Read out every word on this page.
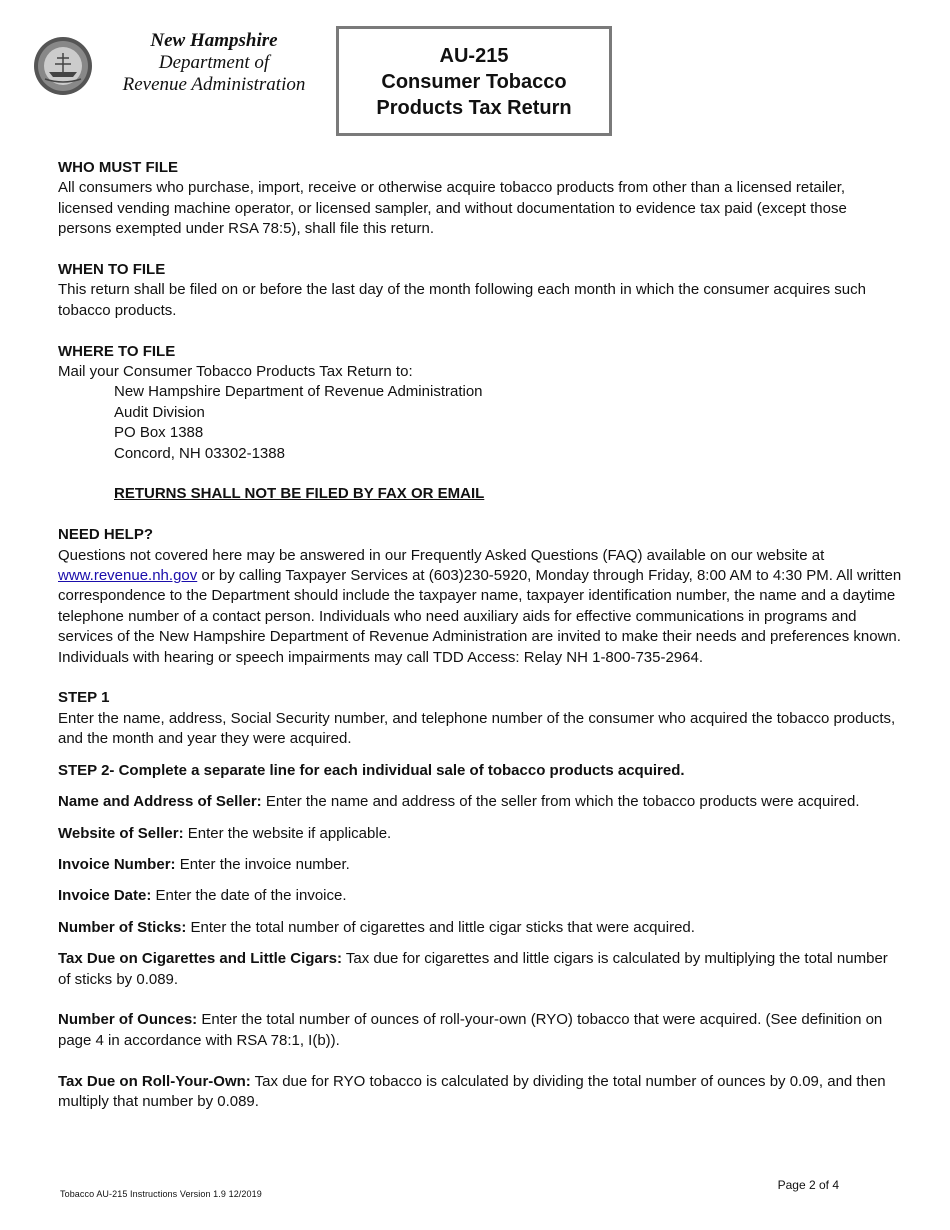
New Hampshire
Department of
Revenue Administration
AU-215
Consumer Tobacco
Products Tax Return

WHO MUST FILE

All consumers who purchase, import, receive or otherwise acquire tobacco products from other than a licensed retailer, licensed vending machine operator, or licensed sampler, and without documentation to evidence tax paid (except those persons exempted under RSA 78:5), shall file this return.

WHEN TO FILE

This return shall be filed on or before the last day of the month following each month in which the consumer acquires such tobacco products.

WHERE TO FILE

Mail your Consumer Tobacco Products Tax Return to:

New Hampshire Department of Revenue Administration

Audit Division

PO Box 1388

Concord, NH 03302-1388

RETURNS SHALL NOT BE FILED BY FAX OR EMAIL

NEED HELP?

Questions not covered here may be answered in our Frequently Asked Questions (FAQ) available on our website at www.revenue.nh.gov or by calling Taxpayer Services at (603)230-5920, Monday through Friday, 8:00 AM to 4:30 PM. All written correspondence to the Department should include the taxpayer name, taxpayer identification number, the name and a daytime telephone number of a contact person. Individuals who need auxiliary aids for effective communications in programs and services of the New Hampshire Department of Revenue Administration are invited to make their needs and preferences known. Individuals with hearing or speech impairments may call TDD Access: Relay NH 1-800-735-2964.

STEP 1

Enter the name, address, Social Security number, and telephone number of the consumer who acquired the tobacco products, and the month and year they were acquired.

STEP 2- Complete a separate line for each individual sale of tobacco products acquired.

Name and Address of Seller: Enter the name and address of the seller from which the tobacco products were acquired.

Website of Seller: Enter the website if applicable.

Invoice Number: Enter the invoice number.

Invoice Date: Enter the date of the invoice.

Number of Sticks: Enter the total number of cigarettes and little cigar sticks that were acquired.

Tax Due on Cigarettes and Little Cigars: Tax due for cigarettes and little cigars is calculated by multiplying the total number of sticks by 0.089.

Number of Ounces: Enter the total number of ounces of roll-your-own (RYO) tobacco that were acquired. (See definition on page 4 in accordance with RSA 78:1, I(b)).

Tax Due on Roll-Your-Own: Tax due for RYO tobacco is calculated by dividing the total number of ounces by 0.09, and then multiply that number by 0.089.

Page 2 of 4
Tobacco AU-215 Instructions Version 1.9 12/2019
